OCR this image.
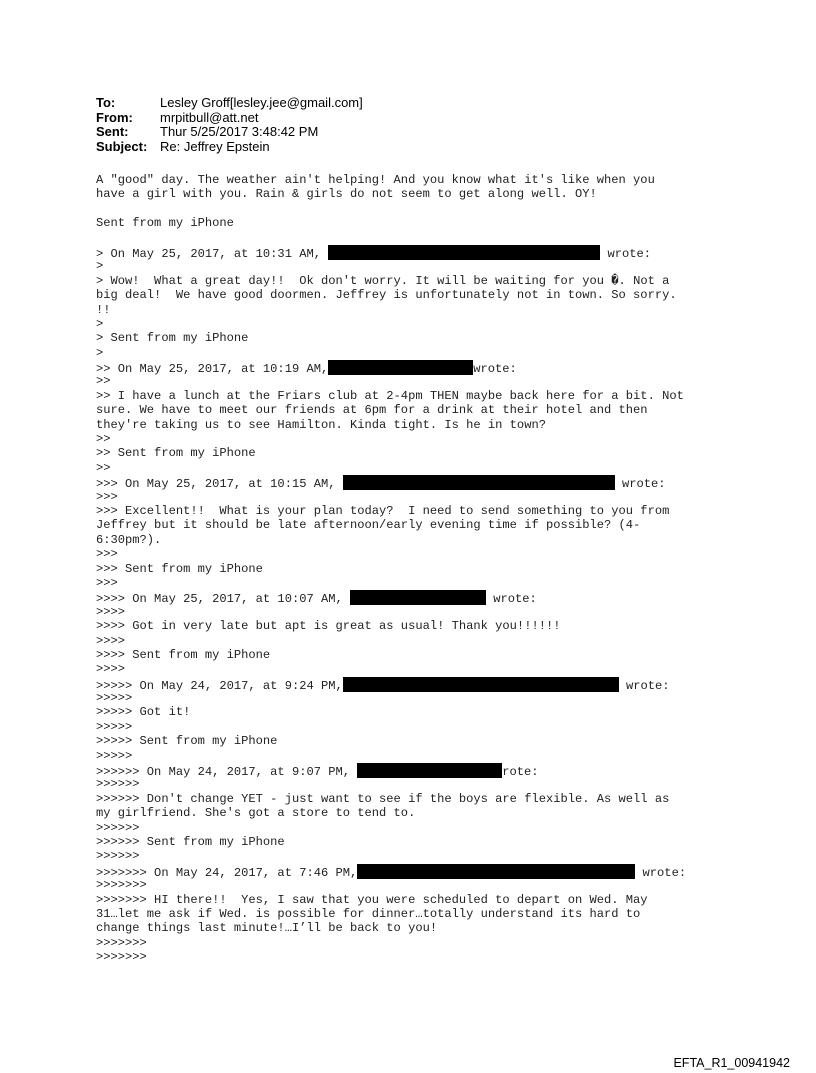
To:	Lesley Groff[lesley.jee@gmail.com]
From:	mrpitbull@att.net
Sent:	Thur 5/25/2017 3:48:42 PM
Subject: Re: Jeffrey Epstein
A "good" day. The weather ain't helping! And you know what it's like when you
have a girl with you. Rain & girls do not seem to get along well. OY!
Sent from my iPhone
> On May 25, 2017, at 10:31 AM,	wrote:
>
> Wow!  What a great day!!  Ok don't worry. It will be waiting for you �. Not a
big deal!  We have good doormen. Jeffrey is unfortunately not in town. So sorry.
!!
>
> Sent from my iPhone
>
>> On May 25, 2017, at 10:19 AM,	wrote:
>>
>> I have a lunch at the Friars club at 2-4pm THEN maybe back here for a bit. Not
sure. We have to meet our friends at 6pm for a drink at their hotel and then
they're taking us to see Hamilton. Kinda tight. Is he in town?
>>
>> Sent from my iPhone
>>
>>> On May 25, 2017, at 10:15 AM,	wrote:
>>>
>>> Excellent!!  What is your plan today?  I need to send something to you from
Jeffrey but it should be late afternoon/early evening time if possible? (4-
6:30pm?).
>>>
>>> Sent from my iPhone
>>>
>>>> On May 25, 2017, at 10:07 AM,	wrote:
>>>>
>>>> Got in very late but apt is great as usual! Thank you!!!!!!
>>>>
>>>> Sent from my iPhone
>>>>
>>>>> On May 24, 2017, at 9:24 PM,	wrote:
>>>>>
>>>>> Got it!
>>>>>
>>>>> Sent from my iPhone
>>>>>
>>>>>> On May 24, 2017, at 9:07 PM,	rote:
>>>>>>
>>>>>> Don't change YET - just want to see if the boys are flexible. As well as
my girlfriend. She's got a store to tend to.
>>>>>>
>>>>>> Sent from my iPhone
>>>>>>
>>>>>>> On May 24, 2017, at 7:46 PM,	wrote:
>>>>>>>
>>>>>>> HI there!!  Yes, I saw that you were scheduled to depart on Wed. May
31…let me ask if Wed. is possible for dinner…totally understand its hard to
change things last minute!…I’ll be back to you!
>>>>>>>
>>>>>>>
EFTA_R1_00941942
